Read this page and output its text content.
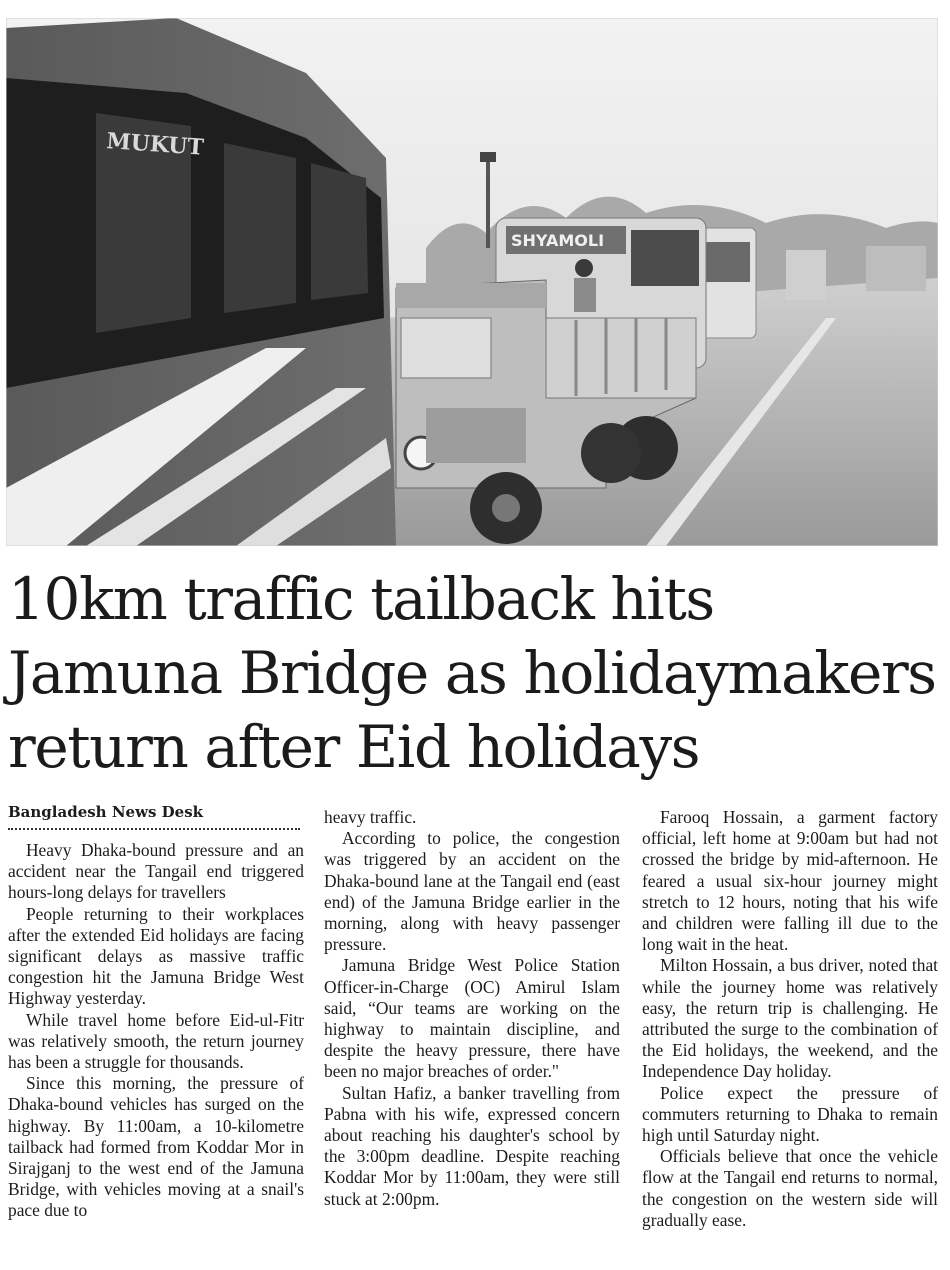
SHYAMOLI
MUKUT
10km traffic tailback hits
Jamuna Bridge as holidaymakers
return after Eid holidays
Bangladesh News Desk

Heavy Dhaka-bound pressure and an accident near the Tangail end triggered hours-long delays for travellers

People returning to their workplaces after the extended Eid holidays are facing significant delays as massive traffic congestion hit the Jamuna Bridge West Highway yesterday.

While travel home before Eid-ul-Fitr was relatively smooth, the return journey has been a struggle for thousands.

Since this morning, the pressure of Dhaka-bound vehicles has surged on the highway. By 11:00am, a 10-kilometre tailback had formed from Koddar Mor in Sirajganj to the west end of the Jamuna Bridge, with vehicles moving at a snail's pace due to

heavy traffic.

According to police, the congestion was triggered by an accident on the Dhaka-bound lane at the Tangail end (east end) of the Jamuna Bridge earlier in the morning, along with heavy passenger pressure.

Jamuna Bridge West Police Station Officer-in-Charge (OC) Amirul Islam said, “Our teams are working on the highway to maintain discipline, and despite the heavy pressure, there have been no major breaches of order."

Sultan Hafiz, a banker travelling from Pabna with his wife, expressed concern about reaching his daughter's school by the 3:00pm deadline. Despite reaching Koddar Mor by 11:00am, they were still stuck at 2:00pm.

Farooq Hossain, a garment factory official, left home at 9:00am but had not crossed the bridge by mid-afternoon. He feared a usual six-hour journey might stretch to 12 hours, noting that his wife and children were falling ill due to the long wait in the heat.

Milton Hossain, a bus driver, noted that while the journey home was relatively easy, the return trip is challenging. He attributed the surge to the combination of the Eid holidays, the weekend, and the Independence Day holiday.

Police expect the pressure of commuters returning to Dhaka to remain high until Saturday night.

Officials believe that once the vehicle flow at the Tangail end returns to normal, the congestion on the western side will gradually ease.
